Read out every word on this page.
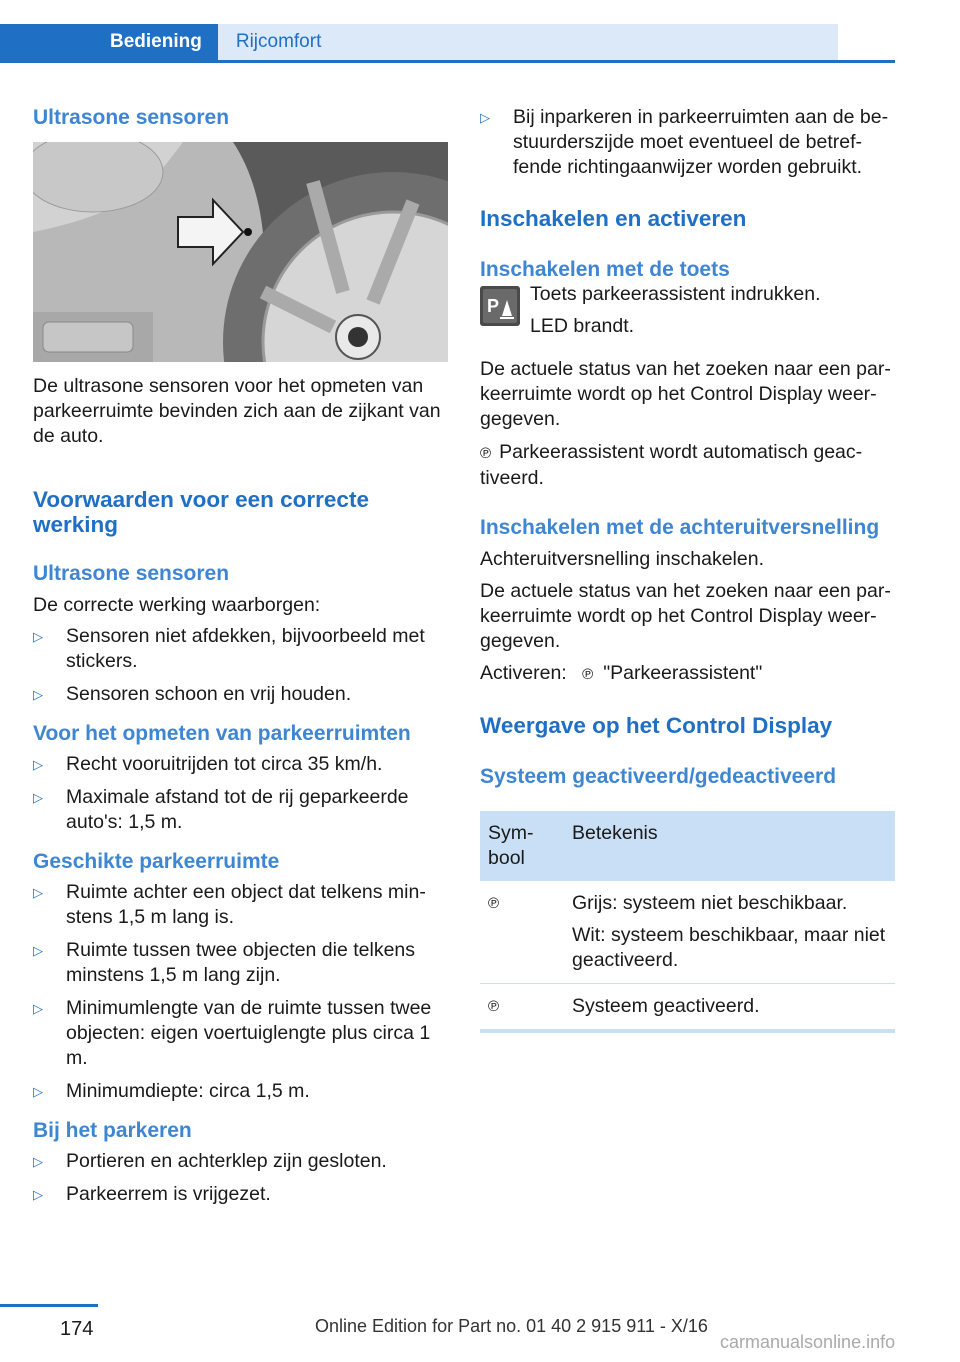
Bediening	Rijcomfort
Ultrasone sensoren

De ultrasone sensoren voor het opmeten van parkeerruimte bevinden zich aan de zijkant van de auto.

Voorwaarden voor een correcte werking
Ultrasone sensoren

De correcte werking waarborgen:

▷ Sensoren niet afdekken, bijvoorbeeld met stickers.
▷ Sensoren schoon en vrij houden.
Voor het opmeten van parkeerruimten
▷ Recht vooruitrijden tot circa 35 km/h.
▷ Maximale afstand tot de rij geparkeerde auto's: 1,5 m.
Geschikte parkeerruimte
▷ Ruimte achter een object dat telkens minstens 1,5 m lang is.
▷ Ruimte tussen twee objecten die telkens minstens 1,5 m lang zijn.
▷ Minimumlengte van de ruimte tussen twee objecten: eigen voertuiglengte plus circa 1 m.
▷ Minimumdiepte: circa 1,5 m.
Bij het parkeren
▷ Portieren en achterklep zijn gesloten.
▷ Parkeerrem is vrijgezet.
▷ Bij inparkeren in parkeerruimten aan de bestuurderszijde moet eventueel de betreffende richtingaanwijzer worden gebruikt.
Inschakelen en activeren
Inschakelen met de toets
P

Toets parkeerassistent indrukken.

LED brandt.

De actuele status van het zoeken naar een parkeerruimte wordt op het Control Display weergegeven.

℗ Parkeerassistent wordt automatisch geactiveerd.

Inschakelen met de achteruitversnelling

Achteruitversnelling inschakelen.

De actuele status van het zoeken naar een parkeerruimte wordt op het Control Display weergegeven.

Activeren: ℗ "Parkeerassistent"

Weergave op het Control Display
Systeem geactiveerd/gedeactiveerd
Symbool	Betekenis
℗	Grijs: systeem niet beschikbaar.

Wit: systeem beschikbaar, maar niet geactiveerd.

℗	Systeem geactiveerd.
174	Online Edition for Part no. 01 40 2 915 911 - X/16
carmanualsonline.info
